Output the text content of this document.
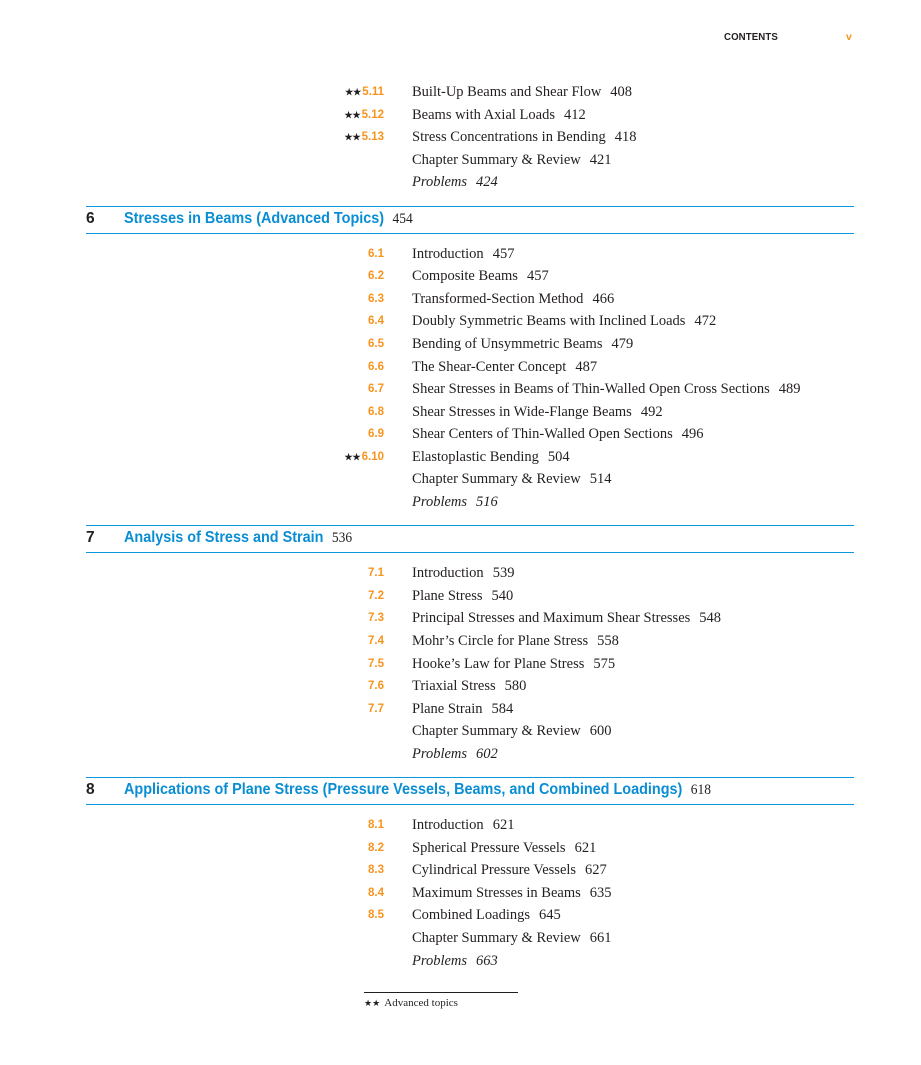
CONTENTS	v
★★5.11 Built-Up Beams and Shear Flow 408
★★5.12 Beams with Axial Loads 412
★★5.13 Stress Concentrations in Bending 418
Chapter Summary & Review 421
Problems 424
6 Stresses in Beams (Advanced Topics) 454
6.1 Introduction 457
6.2 Composite Beams 457
6.3 Transformed-Section Method 466
6.4 Doubly Symmetric Beams with Inclined Loads 472
6.5 Bending of Unsymmetric Beams 479
6.6 The Shear-Center Concept 487
6.7 Shear Stresses in Beams of Thin-Walled Open Cross Sections 489
6.8 Shear Stresses in Wide-Flange Beams 492
6.9 Shear Centers of Thin-Walled Open Sections 496
★★6.10 Elastoplastic Bending 504
Chapter Summary & Review 514
Problems 516
7 Analysis of Stress and Strain 536
7.1 Introduction 539
7.2 Plane Stress 540
7.3 Principal Stresses and Maximum Shear Stresses 548
7.4 Mohr’s Circle for Plane Stress 558
7.5 Hooke’s Law for Plane Stress 575
7.6 Triaxial Stress 580
7.7 Plane Strain 584
Chapter Summary & Review 600
Problems 602
8 Applications of Plane Stress (Pressure Vessels, Beams, and Combined Loadings) 618
8.1 Introduction 621
8.2 Spherical Pressure Vessels 621
8.3 Cylindrical Pressure Vessels 627
8.4 Maximum Stresses in Beams 635
8.5 Combined Loadings 645
Chapter Summary & Review 661
Problems 663
★★ Advanced topics
